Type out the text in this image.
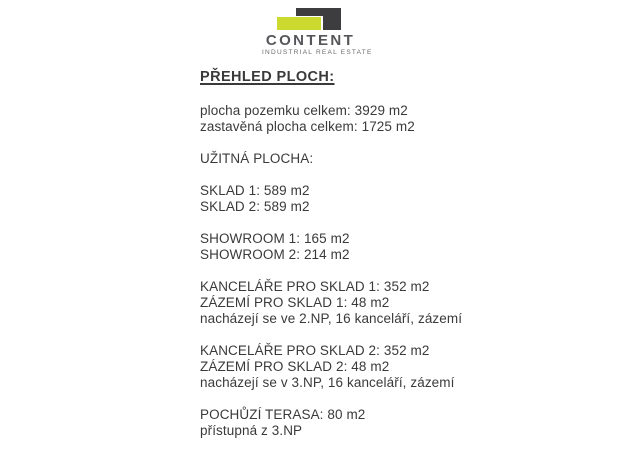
CONTENT
INDUSTRIAL REAL ESTATE
PŘEHLED PLOCH:

plocha pozemku celkem: 3929 m2
zastavěná plocha celkem: 1725 m2

UŽITNÁ PLOCHA:

SKLAD 1: 589 m2
SKLAD 2: 589 m2

SHOWROOM 1: 165 m2
SHOWROOM 2: 214 m2

KANCELÁŘE PRO SKLAD 1: 352 m2
ZÁZEMÍ PRO SKLAD 1: 48 m2
nacházejí se ve 2.NP, 16 kanceláří, zázemí

KANCELÁŘE PRO SKLAD 2: 352 m2
ZÁZEMÍ PRO SKLAD 2: 48 m2
nacházejí se v 3.NP, 16 kanceláří, zázemí

POCHŮZÍ TERASA: 80 m2
přístupná z 3.NP
